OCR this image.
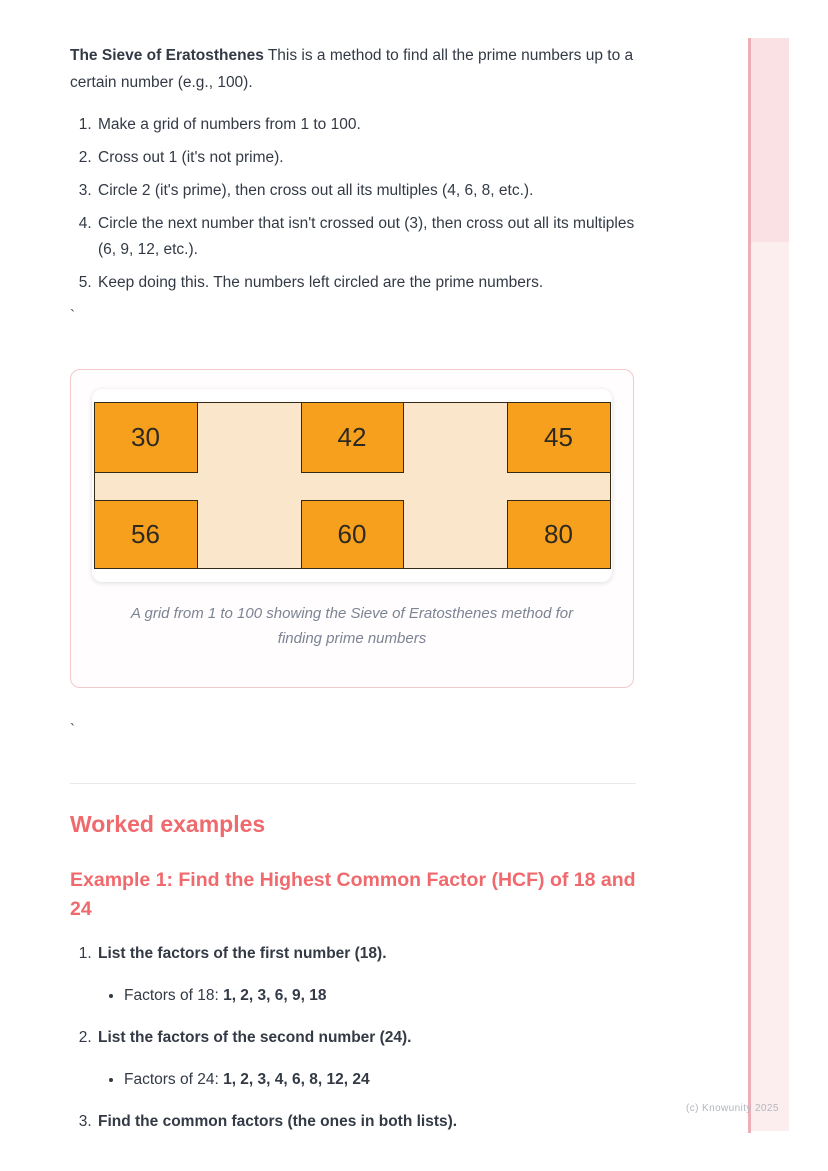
The Sieve of Eratosthenes This is a method to find all the prime numbers up to a certain number (e.g., 100).

1. Make a grid of numbers from 1 to 100.
2. Cross out 1 (it's not prime).
3. Circle 2 (it's prime), then cross out all its multiples (4, 6, 8, etc.).
4. Circle the next number that isn't crossed out (3), then cross out all its multiples (6, 9, 12, etc.).
5. Keep doing this. The numbers left circled are the prime numbers.
`
30	42	45
56	60	80
A grid from 1 to 100 showing the Sieve of Eratosthenes method for finding prime numbers
`
Worked examples
Example 1: Find the Highest Common Factor (HCF) of 18 and 24
1. List the factors of the first number (18).
• Factors of 18: 1, 2, 3, 6, 9, 18
2. List the factors of the second number (24).
• Factors of 24: 1, 2, 3, 4, 6, 8, 12, 24
3. Find the common factors (the ones in both lists).
(c) Knowunity 2025
